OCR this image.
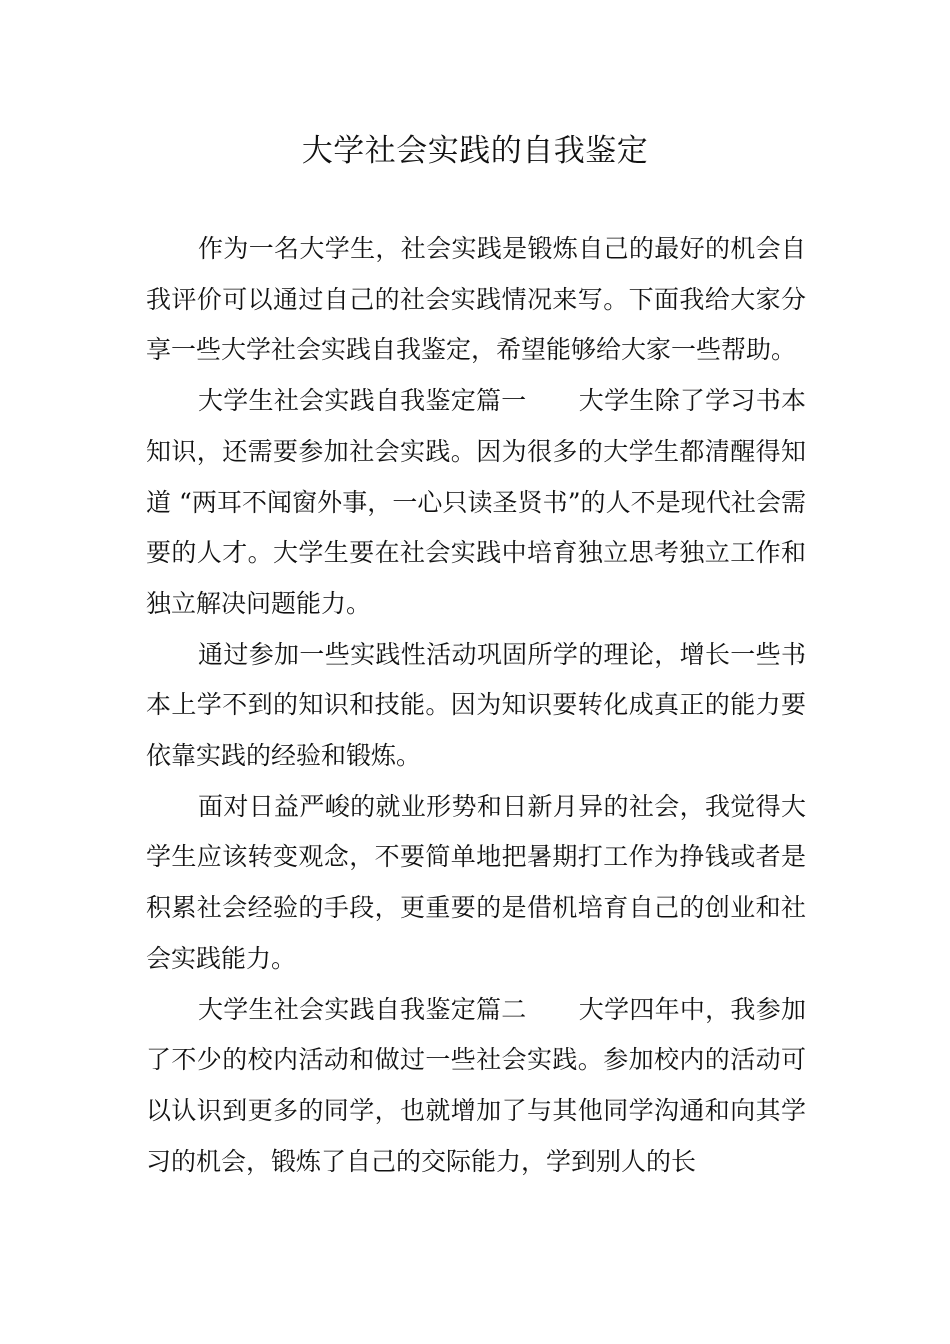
大学社会实践的自我鉴定

作为一名大学生，社会实践是锻炼自己的最好的机会自我评价可以通过自己的社会实践情况来写。下面我给大家分享一些大学社会实践自我鉴定，希望能够给大家一些帮助。

大学生社会实践自我鉴定篇一 大学生除了学习书本知识，还需要参加社会实践。因为很多的大学生都清醒得知道 “两耳不闻窗外事，一心只读圣贤书”的人不是现代社会需要的人才。大学生要在社会实践中培育独立思考独立工作和独立解决问题能力。

通过参加一些实践性活动巩固所学的理论，增长一些书本上学不到的知识和技能。因为知识要转化成真正的能力要依靠实践的经验和锻炼。

面对日益严峻的就业形势和日新月异的社会，我觉得大学生应该转变观念，不要简单地把暑期打工作为挣钱或者是积累社会经验的手段，更重要的是借机培育自己的创业和社会实践能力。

大学生社会实践自我鉴定篇二 大学四年中，我参加了不少的校内活动和做过一些社会实践。参加校内的活动可以认识到更多的同学，也就增加了与其他同学沟通和向其学习的机会，锻炼了自己的交际能力，学到别人的长
